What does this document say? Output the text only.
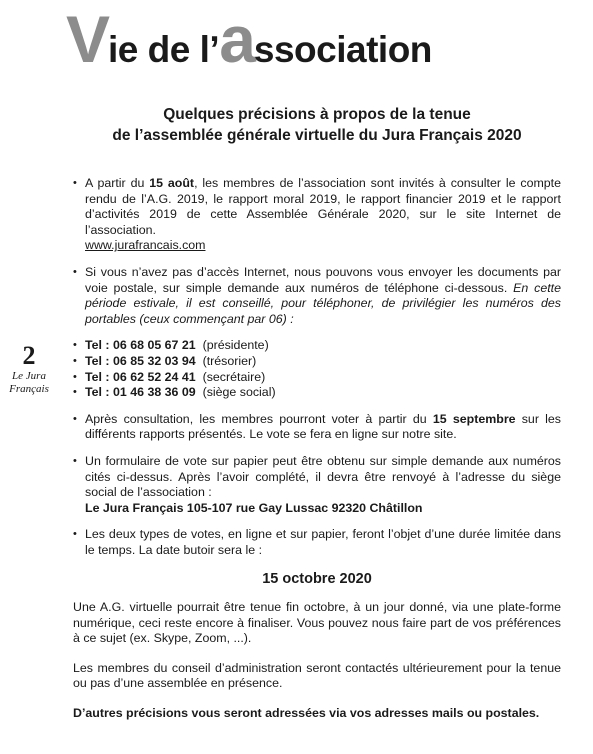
Vie de l’association
2
Le Jura
Français
Quelques précisions à propos de la tenue
de l’assemblée générale virtuelle du Jura Français 2020
• A partir du 15 août, les membres de l’association sont invités à consulter le compte rendu de l’A.G. 2019, le rapport moral 2019, le rapport financier 2019 et le rapport d’activités 2019 de cette Assemblée Générale 2020, sur le site Internet de l’association.
www.jurafrancais.com
• Si vous n’avez pas d’accès Internet, nous pouvons vous envoyer les documents par voie postale, sur simple demande aux numéros de téléphone ci-dessous. En cette période estivale, il est conseillé, pour téléphoner, de privilégier les numéros des portables (ceux commençant par 06) :
• Tel : 06 68 05 67 21 (présidente)
• Tel : 06 85 32 03 94 (trésorier)
• Tel : 06 62 52 24 41 (secrétaire)
• Tel : 01 46 38 36 09 (siège social)
• Après consultation, les membres pourront voter à partir du 15 septembre sur les différents rapports présentés. Le vote se fera en ligne sur notre site.
• Un formulaire de vote sur papier peut être obtenu sur simple demande aux numéros cités ci-dessus. Après l’avoir complété, il devra être renvoyé à l’adresse du siège social de l’association :
Le Jura Français 105-107 rue Gay Lussac 92320 Châtillon
• Les deux types de votes, en ligne et sur papier, feront l’objet d’une durée limitée dans le temps. La date butoir sera le :
15 octobre 2020

Une A.G. virtuelle pourrait être tenue fin octobre, à un jour donné, via une plate-forme numérique, ceci reste encore à finaliser. Vous pouvez nous faire part de vos préférences à ce sujet (ex. Skype, Zoom, ...).

Les membres du conseil d’administration seront contactés ultérieurement pour la tenue ou pas d’une assemblée en présence.

D’autres précisions vous seront adressées via vos adresses mails ou postales.
